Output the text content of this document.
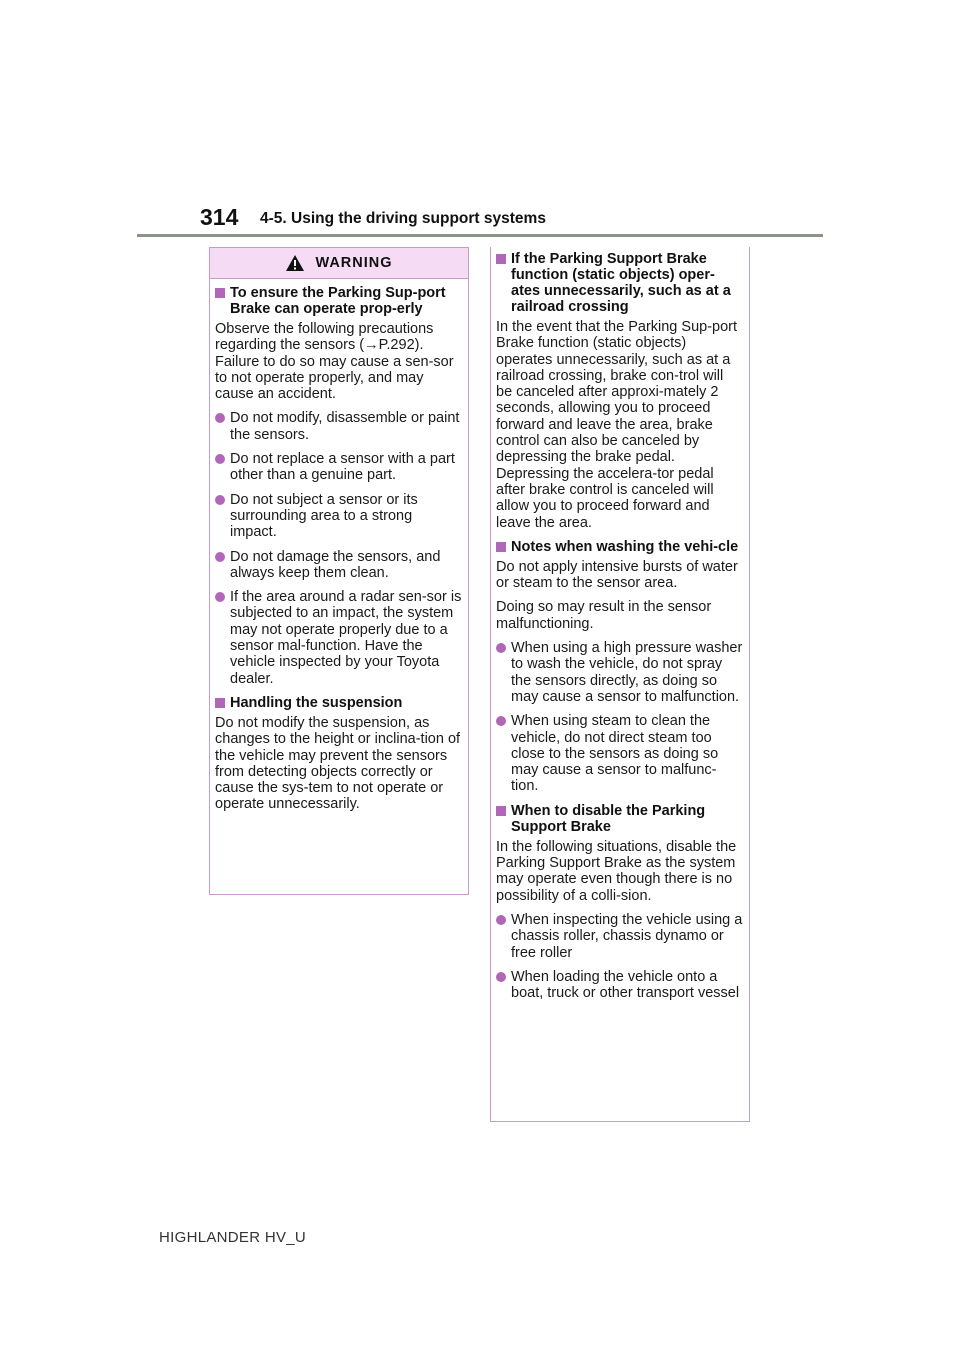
314 4-5. Using the driving support systems
WARNING
To ensure the Parking Sup-port Brake can operate prop-erly

Observe the following precautions regarding the sensors (→P.292). Failure to do so may cause a sen-sor to not operate properly, and may cause an accident.

Do not modify, disassemble or paint the sensors.
Do not replace a sensor with a part other than a genuine part.
Do not subject a sensor or its surrounding area to a strong impact.
Do not damage the sensors, and always keep them clean.
If the area around a radar sen-sor is subjected to an impact, the system may not operate properly due to a sensor mal-function. Have the vehicle inspected by your Toyota dealer.
Handling the suspension

Do not modify the suspension, as changes to the height or inclina-tion of the vehicle may prevent the sensors from detecting objects correctly or cause the sys-tem to not operate or operate unnecessarily.

If the Parking Support Brake function (static objects) oper-ates unnecessarily, such as at a railroad crossing

In the event that the Parking Sup-port Brake function (static objects) operates unnecessarily, such as at a railroad crossing, brake con-trol will be canceled after approxi-mately 2 seconds, allowing you to proceed forward and leave the area, brake control can also be canceled by depressing the brake pedal. Depressing the accelera-tor pedal after brake control is canceled will allow you to proceed forward and leave the area.

Notes when washing the vehi-cle

Do not apply intensive bursts of water or steam to the sensor area.

Doing so may result in the sensor malfunctioning.

When using a high pressure washer to wash the vehicle, do not spray the sensors directly, as doing so may cause a sensor to malfunction.
When using steam to clean the vehicle, do not direct steam too close to the sensors as doing so may cause a sensor to malfunc-tion.
When to disable the Parking Support Brake

In the following situations, disable the Parking Support Brake as the system may operate even though there is no possibility of a colli-sion.

When inspecting the vehicle using a chassis roller, chassis dynamo or free roller
When loading the vehicle onto a boat, truck or other transport vessel
HIGHLANDER HV_U
